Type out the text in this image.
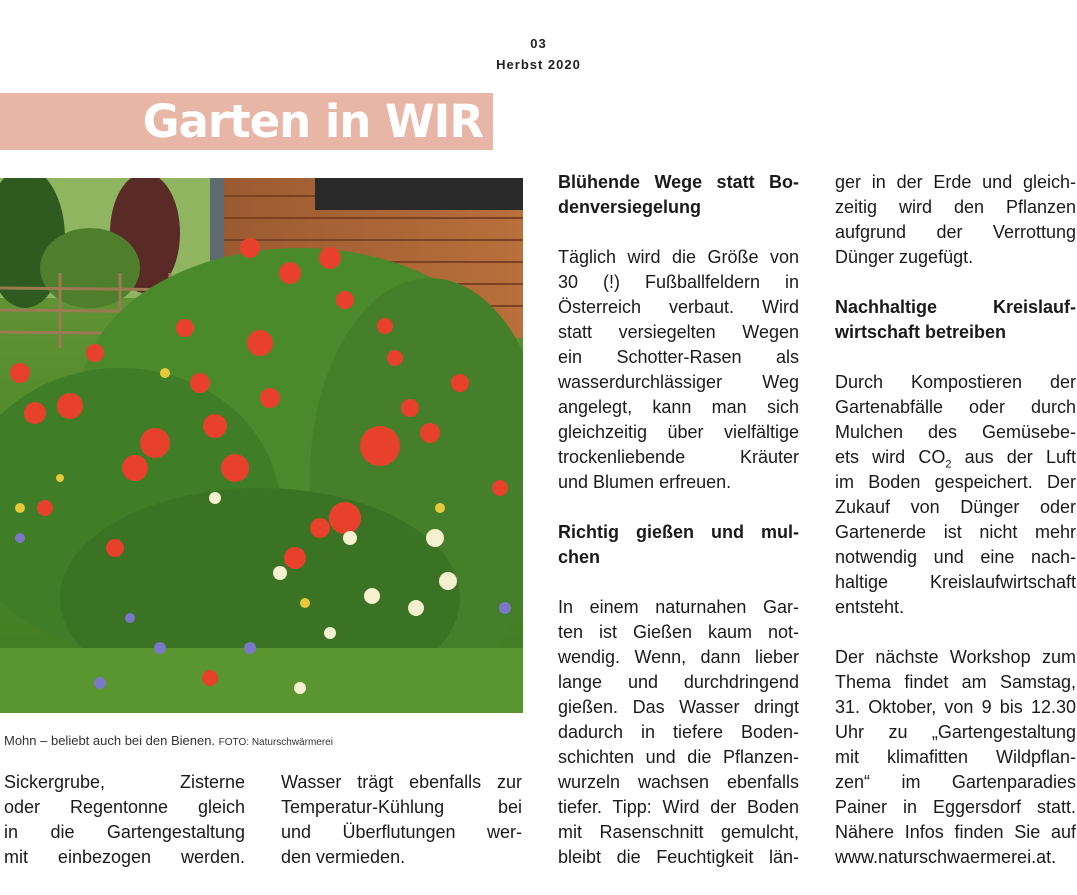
03
Herbst 2020
Garten in WIR
Mohn – beliebt auch bei den Bienen. FOTO: Naturschwärmerei

Sickergrube, Zisterne

oder Regentonne gleich

in die Gartengestaltung

mit einbezogen werden.

Wasser trägt ebenfalls zur

Temperatur-Kühlung bei

und Überflutungen wer-

den vermieden.

Blühende Wege statt Bo-

denversiegelung

Täglich wird die Größe von

30 (!) Fußballfeldern in

Österreich verbaut. Wird

statt versiegelten Wegen

ein Schotter-Rasen als

wasserdurchlässiger Weg

angelegt, kann man sich

gleichzeitig über vielfältige

trockenliebende Kräuter

und Blumen erfreuen.

Richtig gießen und mul-

chen

In einem naturnahen Gar-

ten ist Gießen kaum not-

wendig. Wenn, dann lieber

lange und durchdringend

gießen. Das Wasser dringt

dadurch in tiefere Boden-

schichten und die Pflanzen-

wurzeln wachsen ebenfalls

tiefer. Tipp: Wird der Boden

mit Rasenschnitt gemulcht,

bleibt die Feuchtigkeit län-

ger in der Erde und gleich-

zeitig wird den Pflanzen

aufgrund der Verrottung

Dünger zugefügt.

Nachhaltige Kreislauf-

wirtschaft betreiben

Durch Kompostieren der

Gartenabfälle oder durch

Mulchen des Gemüsebe-

ets wird $CO_2$ aus der Luft

im Boden gespeichert. Der

Zukauf von Dünger oder

Gartenerde ist nicht mehr

notwendig und eine nach-

haltige Kreislaufwirtschaft

entsteht.

Der nächste Workshop zum

Thema findet am Samstag,

31. Oktober, von 9 bis 12.30

Uhr zu „Gartengestaltung

mit klimafitten Wildpflan-

zen“ im Gartenparadies

Painer in Eggersdorf statt.

Nähere Infos finden Sie auf

www.naturschwaermerei.at.
